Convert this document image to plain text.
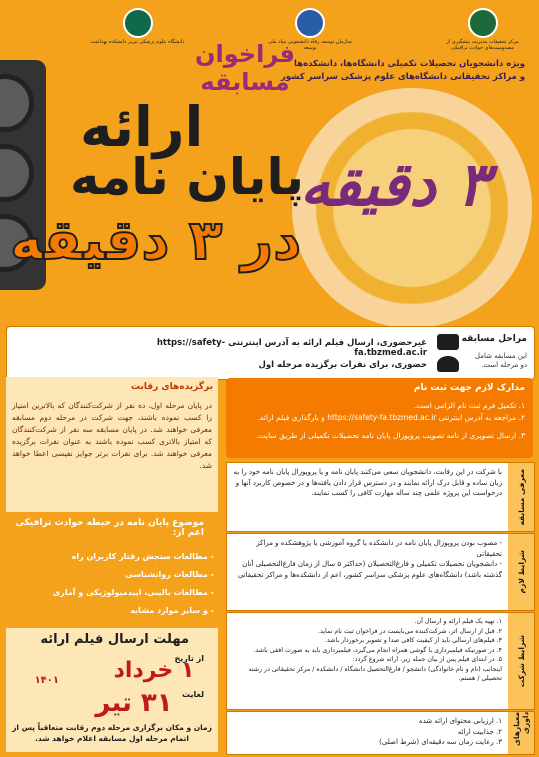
مرکز تحقیقات مدیریت پیشگیری از مصدومیت‌های حوادث ترافیکی
سازمان توسعه رفاه دانشجویی بنیاد ملی توسعه
دانشگاه علوم پزشکی تبریز دانشکده بهداشت فراخوان مسابقه
ویژه دانشجویان تحصیلات تکمیلی دانشگاه‌ها، دانشکده‌ها
و مراکز تحقیقاتی دانشگاه‌های علوم پزشکی سراسر کشور
۳ دقیقه
ارائه
پایان نامه
در ۳ دقیقه
مراحل مسابقه
این مسابقه شامل دو مرحله است.
غیرحضوری، ارسال فیلم ارائه به آدرس اینترنتی https://safety-fa.tbzmed.ac.ir
حضوری، برای نفرات برگزیده مرحله اول
برگزیده‌های رقابت
در پایان مرحله اول، ده نفر از شرکت‌کنندگان که بالاترین امتیاز را کسب نموده باشند، جهت شرکت در مرحله دوم مسابقه معرفی خواهند شد. در پایان مسابقه سه نفر از شرکت‌کنندگان که امتیاز بالاتری کسب نموده باشند به عنوان نفرات برگزیده معرفی خواهند شد. برای نفرات برتر جوایز نفیسی اعطا خواهد شد.
مدارک لازم جهت ثبت نام
۱. تکمیل فرم ثبت نام الزامی است.
۲. مراجعه به آدرس اینترنتی https://safety-fa.tbzmed.ac.ir و بارگذاری فیلم ارائه.
۳. ارسال تصویری از نامه تصویب پروپوزال پایان نامه تحصیلات تکمیلی از طریق سایت.
معرفی مسابقه
با شرکت در این رقابت، دانشجویان سعی می‌کنند پایان نامه و یا پروپوزال پایان نامه خود را به زبان ساده و قابل درک ارائه نمایند و در دسترس قرار دادن یافته‌ها و در خصوص کاربرد آنها و درخواست این پروژه علمی چند ساله مهارت کافی را کسب نمایند.
شرایط لازم
- مصوب بودن پروپوزال پایان نامه در دانشکده یا گروه آموزشی یا پژوهشکده و مراکز تحقیقاتی
- دانشجویان تحصیلات تکمیلی و فارغ‌التحصیلان (حداکثر ۵ سال از زمان فارغ‌التحصیلی آنان گذشته باشد) دانشگاه‌های علوم پزشکی سراسر کشور، اعم از دانشکده‌ها و مراکز تحقیقاتی
شرایط شرکت
۱. تهیه یک فیلم ارائه و ارسال آن.
۲. قبل از ارسال اثر، شرکت‌کننده می‌بایست در فراخوان ثبت نام نماید.
۳. فیلم‌های ارسالی باید از کیفیت کافی صدا و تصویر برخوردار باشد.
۴. در صورتیکه فیلمبرداری با گوشی همراه انجام می‌گیرد، فیلمبرداری باید به صورت افقی باشد.
۵. در ابتدای فیلم پس از بیان جمله زیر، ارائه شروع گردد:
اینجانب (نام و نام خانوادگی) دانشجو / فارغ‌التحصیل دانشگاه / دانشکده / مرکز تحقیقاتی در رشته تحصیلی / هستم.
معیارهای داوری
۱. ارزیابی محتوای ارائه شده
۲. جذابیت ارائه
۳. رعایت زمان سه دقیقه‌ای (شرط اصلی)
موضوع پایان نامه در حیطه حوادث ترافیکی اعم از:
- مطالعات سنجش رفتار کاربران راه
- مطالعات روانشناسی
- مطالعات بالینی، اپیدمیولوژیکی و آماری
- و سایر موارد مشابه
مهلت ارسال فیلم ارائه
از تاریخ
۱ خرداد
۱۴۰۱
لغایت
۳۱ تیر
زمان و مکان برگزاری مرحله دوم رقابت متعاقباً پس از اتمام مرحله اول مسابقه اعلام خواهد شد.
